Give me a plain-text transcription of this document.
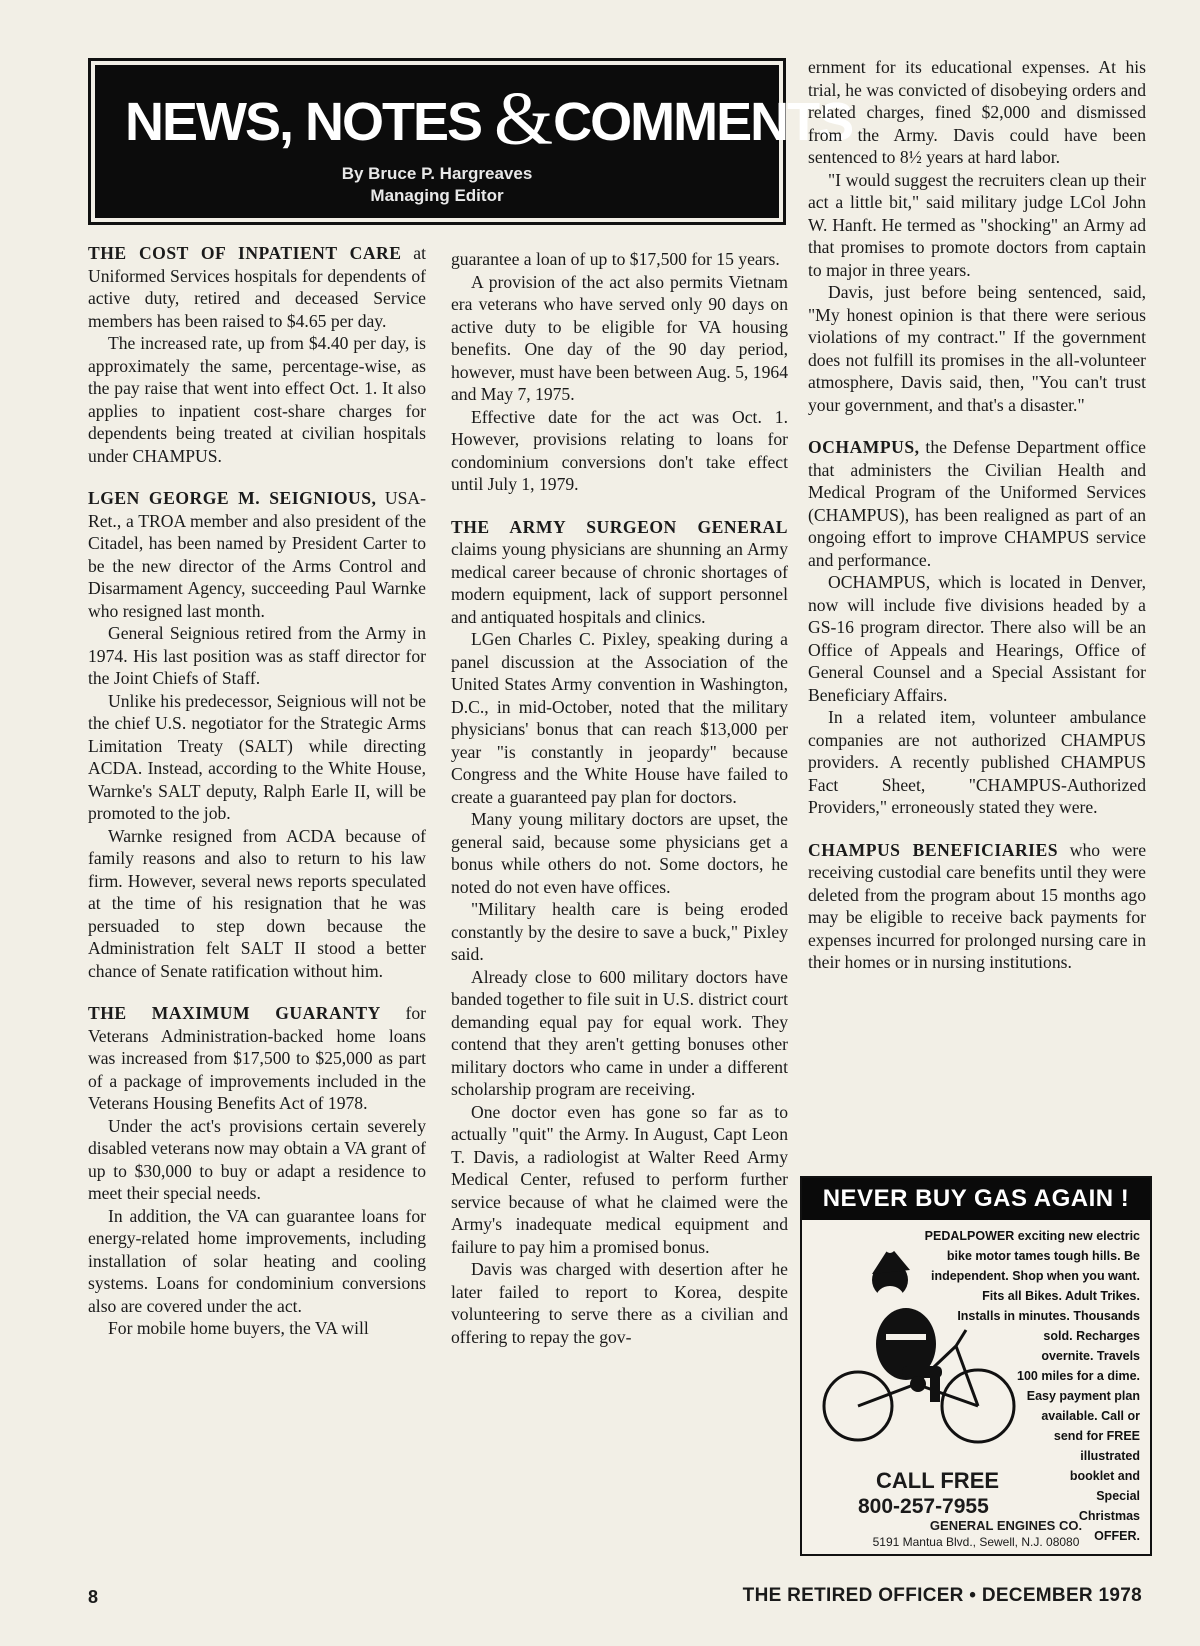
NEWS, NOTES &COMMENTS
By Bruce P. Hargreaves
Managing Editor

THE COST OF INPATIENT CARE at Uniformed Services hospitals for dependents of active duty, retired and deceased Service members has been raised to $4.65 per day.

The increased rate, up from $4.40 per day, is approximately the same, percentage-wise, as the pay raise that went into effect Oct. 1. It also applies to inpatient cost-share charges for dependents being treated at civilian hospitals under CHAMPUS.

LGEN GEORGE M. SEIGNIOUS, USA-Ret., a TROA member and also president of the Citadel, has been named by President Carter to be the new director of the Arms Control and Disarmament Agency, succeeding Paul Warnke who resigned last month.

General Seignious retired from the Army in 1974. His last position was as staff director for the Joint Chiefs of Staff.

Unlike his predecessor, Seignious will not be the chief U.S. negotiator for the Strategic Arms Limitation Treaty (SALT) while directing ACDA. Instead, according to the White House, Warnke's SALT deputy, Ralph Earle II, will be promoted to the job.

Warnke resigned from ACDA because of family reasons and also to return to his law firm. However, several news reports speculated at the time of his resignation that he was persuaded to step down because the Administration felt SALT II stood a better chance of Senate ratification without him.

THE MAXIMUM GUARANTY for Veterans Administration-backed home loans was increased from $17,500 to $25,000 as part of a package of improvements included in the Veterans Housing Benefits Act of 1978.

Under the act's provisions certain severely disabled veterans now may obtain a VA grant of up to $30,000 to buy or adapt a residence to meet their special needs.

In addition, the VA can guarantee loans for energy-related home improvements, including installation of solar heating and cooling systems. Loans for condominium conversions also are covered under the act.

For mobile home buyers, the VA will

guarantee a loan of up to $17,500 for 15 years.

A provision of the act also permits Vietnam era veterans who have served only 90 days on active duty to be eligible for VA housing benefits. One day of the 90 day period, however, must have been between Aug. 5, 1964 and May 7, 1975.

Effective date for the act was Oct. 1. However, provisions relating to loans for condominium conversions don't take effect until July 1, 1979.

THE ARMY SURGEON GENERAL claims young physicians are shunning an Army medical career because of chronic shortages of modern equipment, lack of support personnel and antiquated hospitals and clinics.

LGen Charles C. Pixley, speaking during a panel discussion at the Association of the United States Army convention in Washington, D.C., in mid-October, noted that the military physicians' bonus that can reach $13,000 per year "is constantly in jeopardy" because Congress and the White House have failed to create a guaranteed pay plan for doctors.

Many young military doctors are upset, the general said, because some physicians get a bonus while others do not. Some doctors, he noted do not even have offices.

"Military health care is being eroded constantly by the desire to save a buck," Pixley said.

Already close to 600 military doctors have banded together to file suit in U.S. district court demanding equal pay for equal work. They contend that they aren't getting bonuses other military doctors who came in under a different scholarship program are receiving.

One doctor even has gone so far as to actually "quit" the Army. In August, Capt Leon T. Davis, a radiologist at Walter Reed Army Medical Center, refused to perform further service because of what he claimed were the Army's inadequate medical equipment and failure to pay him a promised bonus.

Davis was charged with desertion after he later failed to report to Korea, despite volunteering to serve there as a civilian and offering to repay the gov-

ernment for its educational expenses. At his trial, he was convicted of disobeying orders and related charges, fined $2,000 and dismissed from the Army. Davis could have been sentenced to 8½ years at hard labor.

"I would suggest the recruiters clean up their act a little bit," said military judge LCol John W. Hanft. He termed as "shocking" an Army ad that promises to promote doctors from captain to major in three years.

Davis, just before being sentenced, said, "My honest opinion is that there were serious violations of my contract." If the government does not fulfill its promises in the all-volunteer atmosphere, Davis said, then, "You can't trust your government, and that's a disaster."

OCHAMPUS, the Defense Department office that administers the Civilian Health and Medical Program of the Uniformed Services (CHAMPUS), has been realigned as part of an ongoing effort to improve CHAMPUS service and performance.

OCHAMPUS, which is located in Denver, now will include five divisions headed by a GS-16 program director. There also will be an Office of Appeals and Hearings, Office of General Counsel and a Special Assistant for Beneficiary Affairs.

In a related item, volunteer ambulance companies are not authorized CHAMPUS providers. A recently published CHAMPUS Fact Sheet, "CHAMPUS-Authorized Providers," erroneously stated they were.

CHAMPUS BENEFICIARIES who were receiving custodial care benefits until they were deleted from the program about 15 months ago may be eligible to receive back payments for expenses incurred for prolonged nursing care in their homes or in nursing institutions.

NEVER BUY GAS AGAIN !
PEDALPOWER exciting new electric
bike motor tames tough hills. Be
independent. Shop when you want.
Fits all Bikes. Adult Trikes.
Installs in minutes. Thousands
sold. Recharges
overnite. Travels
100 miles for a dime.
Easy payment plan
available. Call or
send for FREE
illustrated
booklet and
Special
Christmas
OFFER.
CALL FREE
800-257-7955
GENERAL ENGINES CO.
5191 Mantua Blvd., Sewell, N.J. 08080
8	THE RETIRED OFFICER • DECEMBER 1978
